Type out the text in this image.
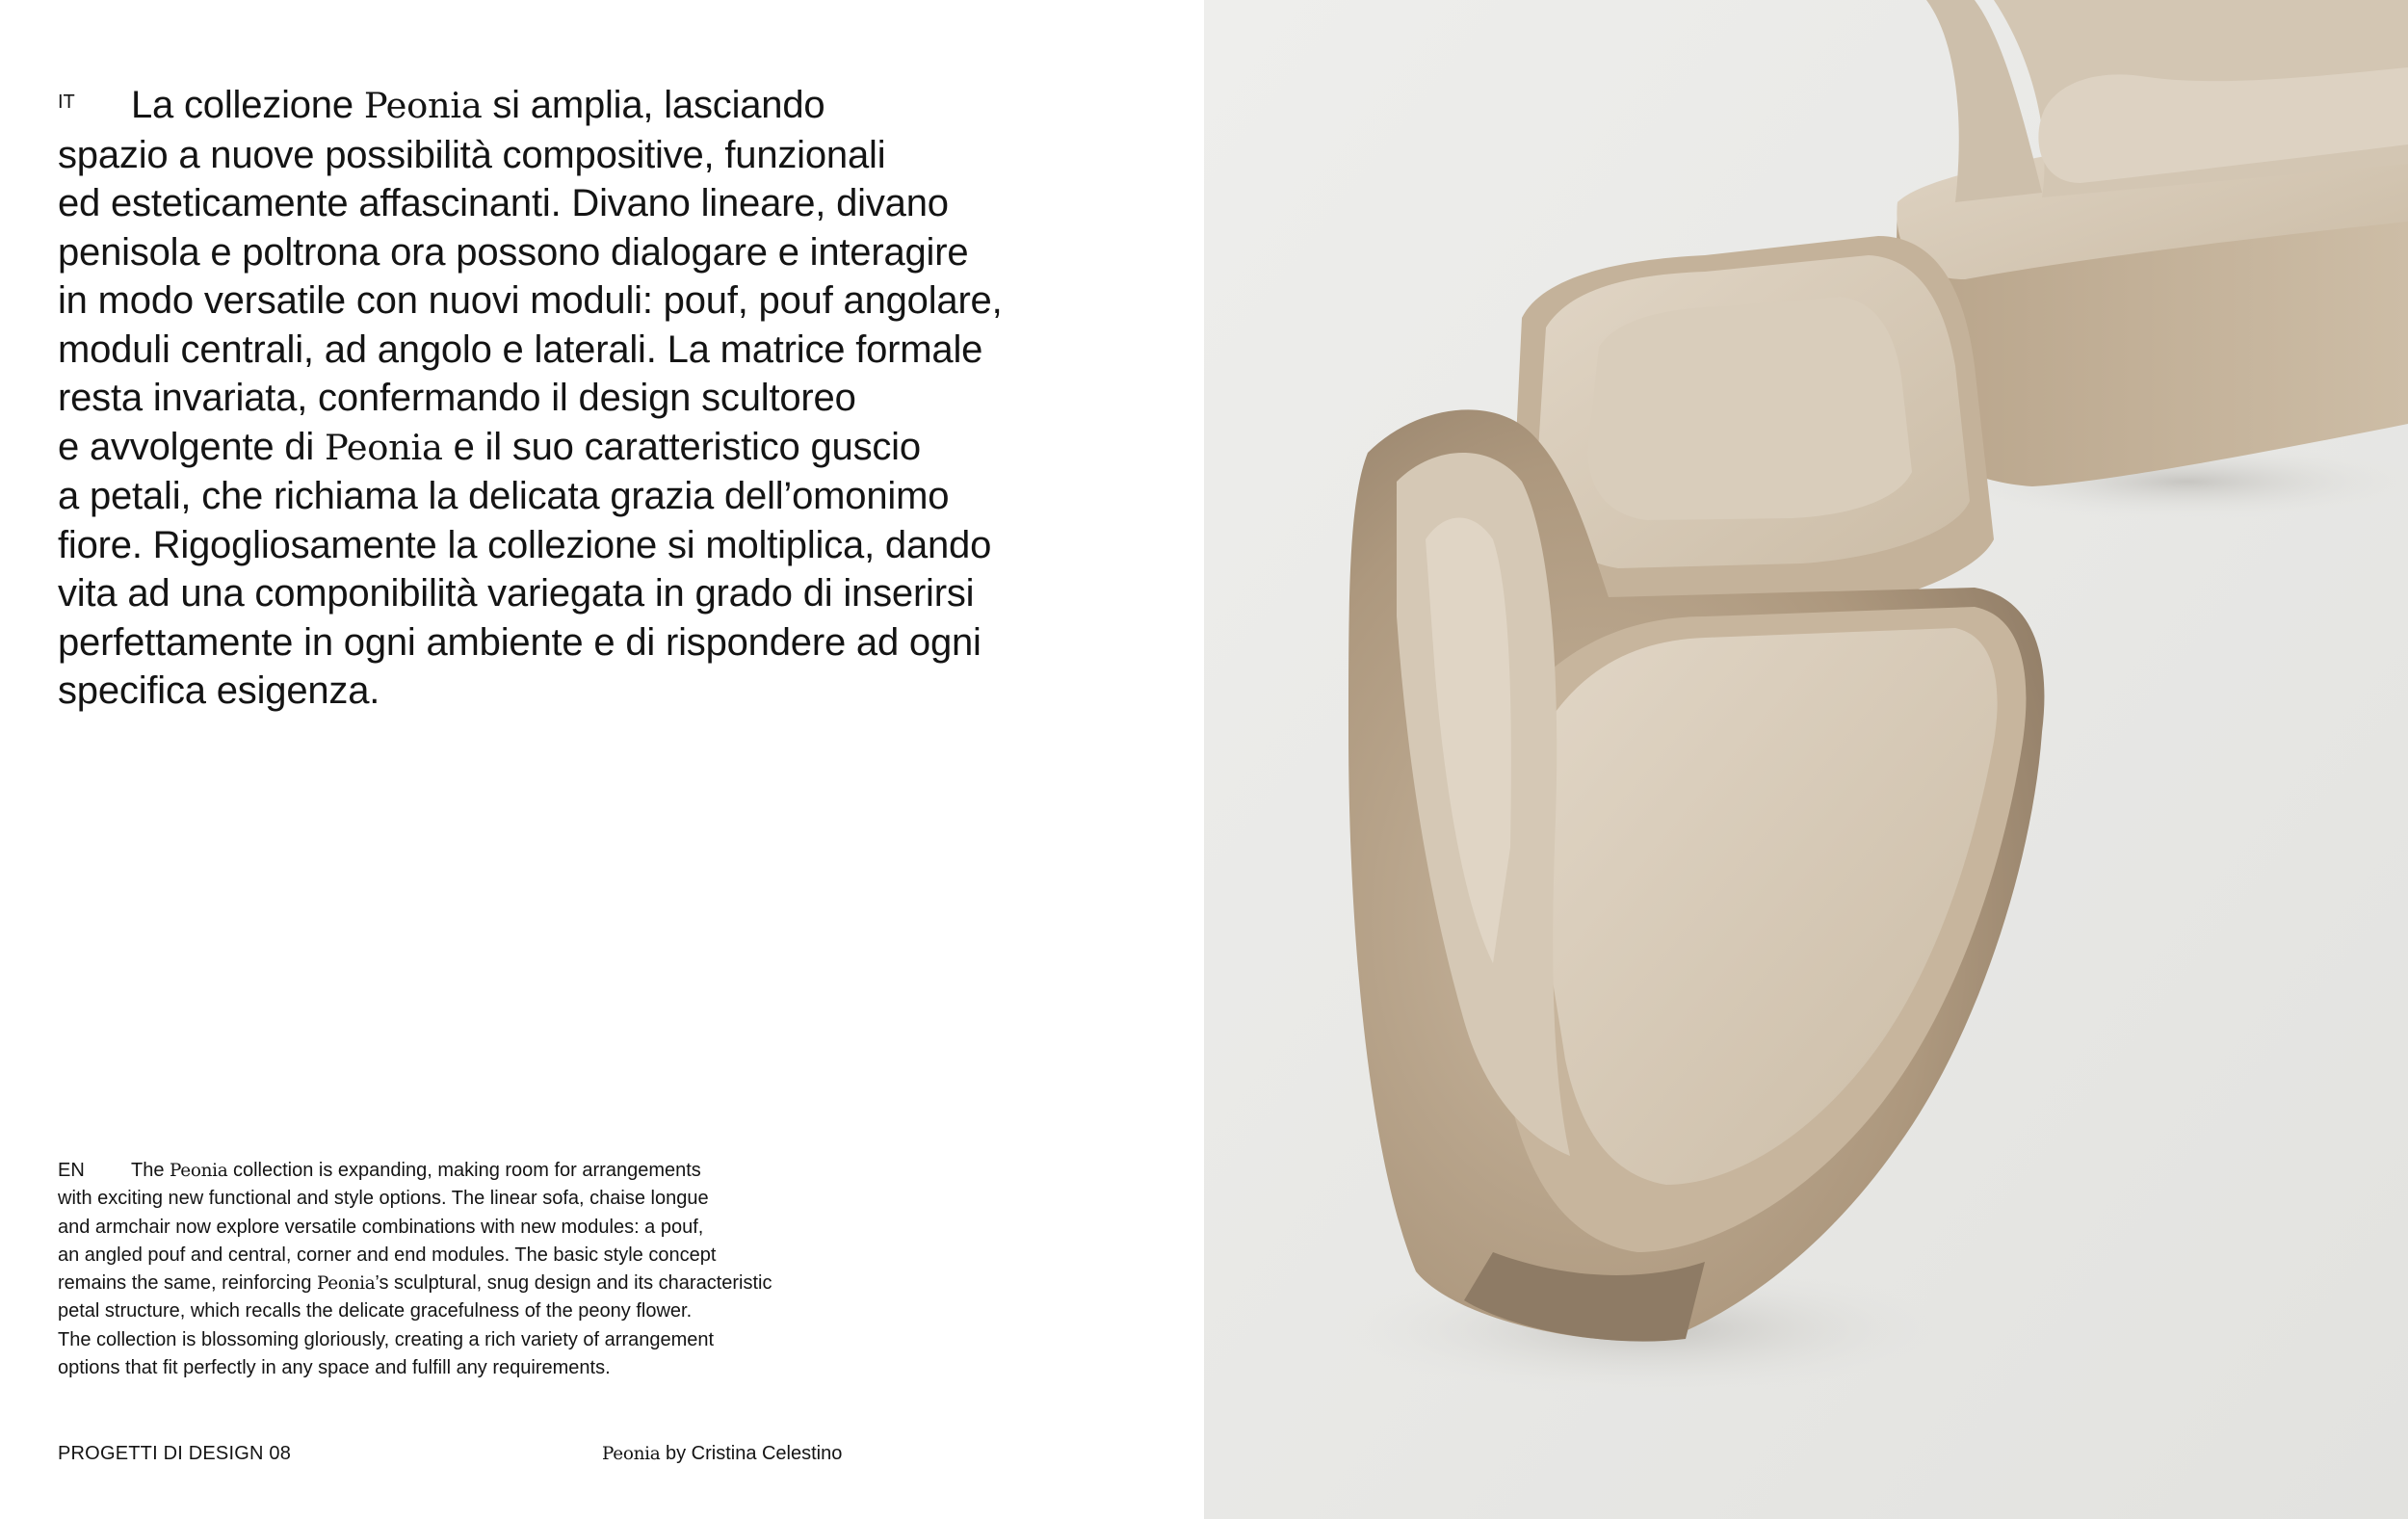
IT	La collezione Peonia si amplia, lasciando
spazio a nuove possibilità compositive, funzionali
ed esteticamente affascinanti. Divano lineare, divano
penisola e poltrona ora possono dialogare e interagire
in modo versatile con nuovi moduli: pouf, pouf angolare,
moduli centrali, ad angolo e laterali. La matrice formale
resta invariata, confermando il design scultoreo
e avvolgente di Peonia e il suo caratteristico guscio
a petali, che richiama la delicata grazia dell’omonimo
fiore. Rigogliosamente la collezione si moltiplica, dando
vita ad una componibilità variegata in grado di inserirsi
perfettamente in ogni ambiente e di rispondere ad ogni
specifica esigenza.
EN	The Peonia collection is expanding, making room for arrangements
with exciting new functional and style options. The linear sofa, chaise longue
and armchair now explore versatile combinations with new modules: a pouf,
an angled pouf and central, corner and end modules. The basic style concept
remains the same, reinforcing Peonia’s sculptural, snug design and its characteristic
petal structure, which recalls the delicate gracefulness of the peony flower.
The collection is blossoming gloriously, creating a rich variety of arrangement
options that fit perfectly in any space and fulfill any requirements.
PROGETTI DI DESIGN 08	Peonia by Cristina Celestino
